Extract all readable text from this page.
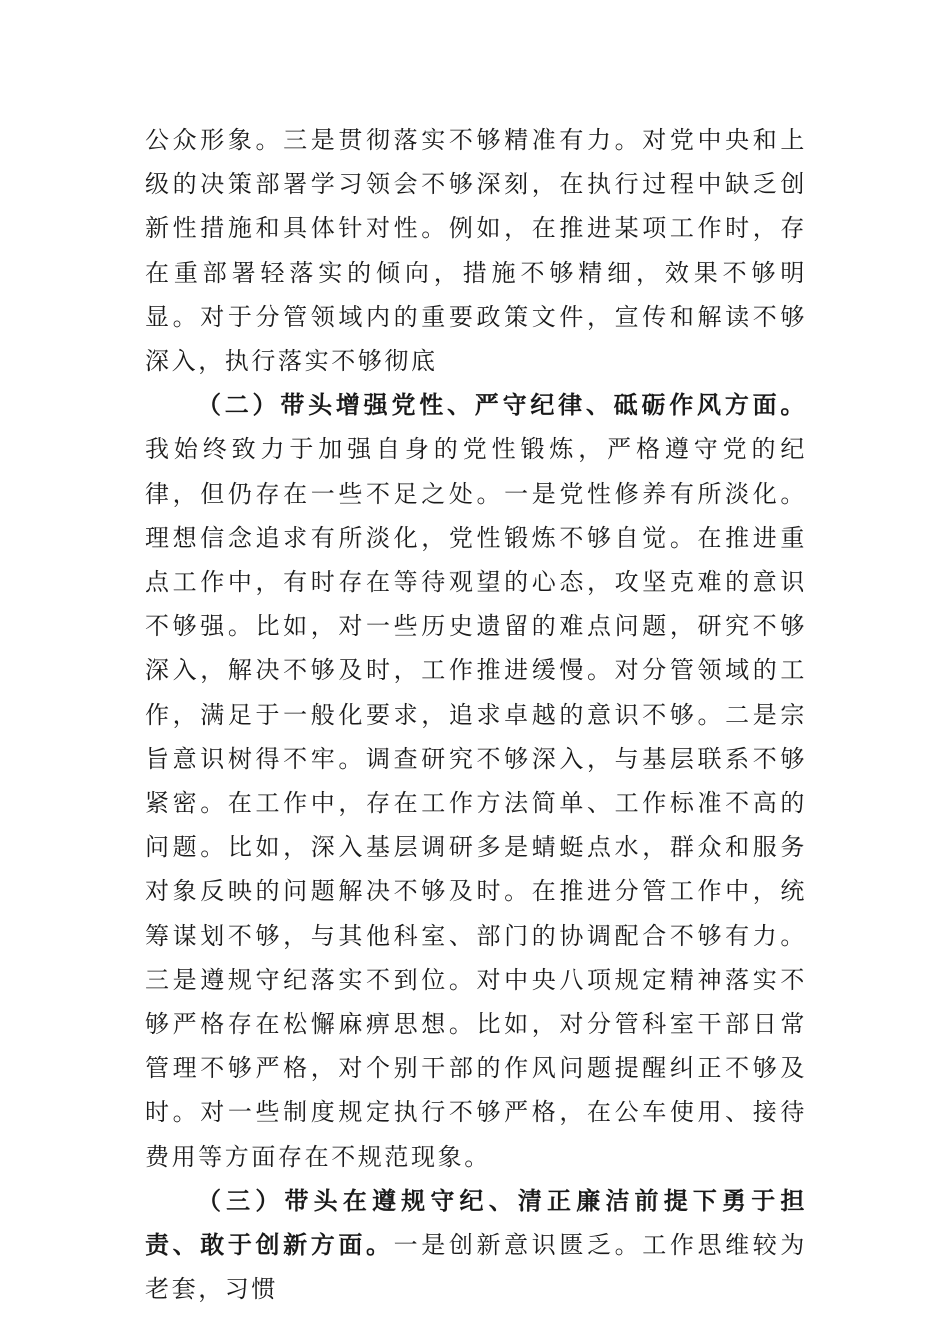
公众形象。三是贯彻落实不够精准有力。对党中央和上级的决策部署学习领会不够深刻，在执行过程中缺乏创新性措施和具体针对性。例如，在推进某项工作时，存在重部署轻落实的倾向，措施不够精细，效果不够明显。对于分管领域内的重要政策文件，宣传和解读不够深入，执行落实不够彻底

（二）带头增强党性、严守纪律、砥砺作风方面。我始终致力于加强自身的党性锻炼，严格遵守党的纪律，但仍存在一些不足之处。一是党性修养有所淡化。理想信念追求有所淡化，党性锻炼不够自觉。在推进重点工作中，有时存在等待观望的心态，攻坚克难的意识不够强。比如，对一些历史遗留的难点问题，研究不够深入，解决不够及时，工作推进缓慢。对分管领域的工作，满足于一般化要求，追求卓越的意识不够。二是宗旨意识树得不牢。调查研究不够深入，与基层联系不够紧密。在工作中，存在工作方法简单、工作标准不高的问题。比如，深入基层调研多是蜻蜓点水，群众和服务对象反映的问题解决不够及时。在推进分管工作中，统筹谋划不够，与其他科室、部门的协调配合不够有力。三是遵规守纪落实不到位。对中央八项规定精神落实不够严格存在松懈麻痹思想。比如，对分管科室干部日常管理不够严格，对个别干部的作风问题提醒纠正不够及时。对一些制度规定执行不够严格，在公车使用、接待费用等方面存在不规范现象。

（三）带头在遵规守纪、清正廉洁前提下勇于担责、敢于创新方面。一是创新意识匮乏。工作思维较为老套，习惯
